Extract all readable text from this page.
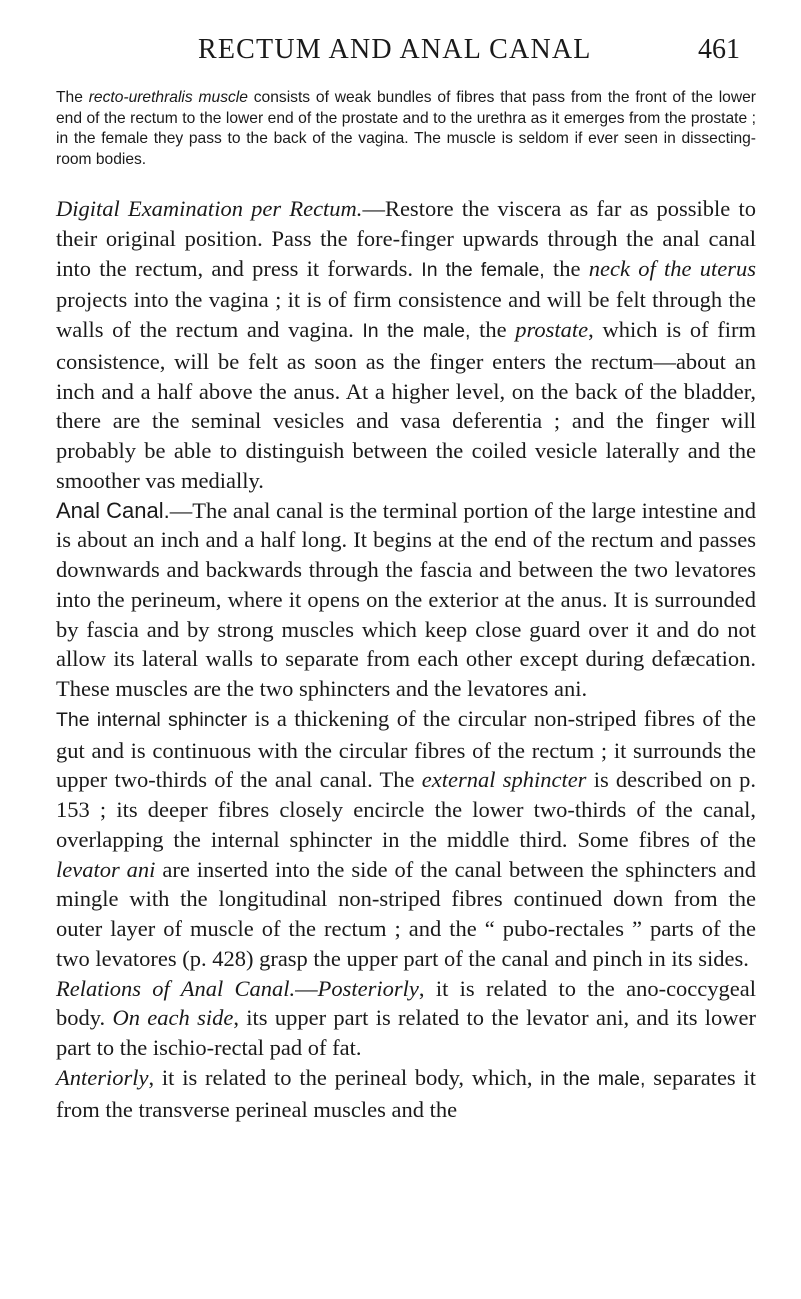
RECTUM AND ANAL CANAL	461

The recto-urethralis muscle consists of weak bundles of fibres that pass from the front of the lower end of the rectum to the lower end of the prostate and to the urethra as it emerges from the prostate ; in the female they pass to the back of the vagina. The muscle is seldom if ever seen in dissecting-room bodies.

Digital Examination per Rectum.—Restore the viscera as far as possible to their original position. Pass the fore-finger upwards through the anal canal into the rectum, and press it forwards. In the female, the neck of the uterus projects into the vagina ; it is of firm consistence and will be felt through the walls of the rectum and vagina. In the male, the prostate, which is of firm consistence, will be felt as soon as the finger enters the rectum—about an inch and a half above the anus. At a higher level, on the back of the bladder, there are the seminal vesicles and vasa deferentia ; and the finger will probably be able to distinguish between the coiled vesicle laterally and the smoother vas medially.

Anal Canal.—The anal canal is the terminal portion of the large intestine and is about an inch and a half long. It begins at the end of the rectum and passes downwards and backwards through the fascia and between the two levatores into the perineum, where it opens on the exterior at the anus. It is surrounded by fascia and by strong muscles which keep close guard over it and do not allow its lateral walls to separate from each other except during defæcation. These muscles are the two sphincters and the levatores ani.

The internal sphincter is a thickening of the circular non-striped fibres of the gut and is continuous with the circular fibres of the rectum ; it surrounds the upper two-thirds of the anal canal. The external sphincter is described on p. 153 ; its deeper fibres closely encircle the lower two-thirds of the canal, overlapping the internal sphincter in the middle third. Some fibres of the levator ani are inserted into the side of the canal between the sphincters and mingle with the longitudinal non-striped fibres continued down from the outer layer of muscle of the rectum ; and the “ pubo-rectales ” parts of the two levatores (p. 428) grasp the upper part of the canal and pinch in its sides.

Relations of Anal Canal.—Posteriorly, it is related to the ano-coccygeal body. On each side, its upper part is related to the levator ani, and its lower part to the ischio-rectal pad of fat.

Anteriorly, it is related to the perineal body, which, in the male, separates it from the transverse perineal muscles and the
